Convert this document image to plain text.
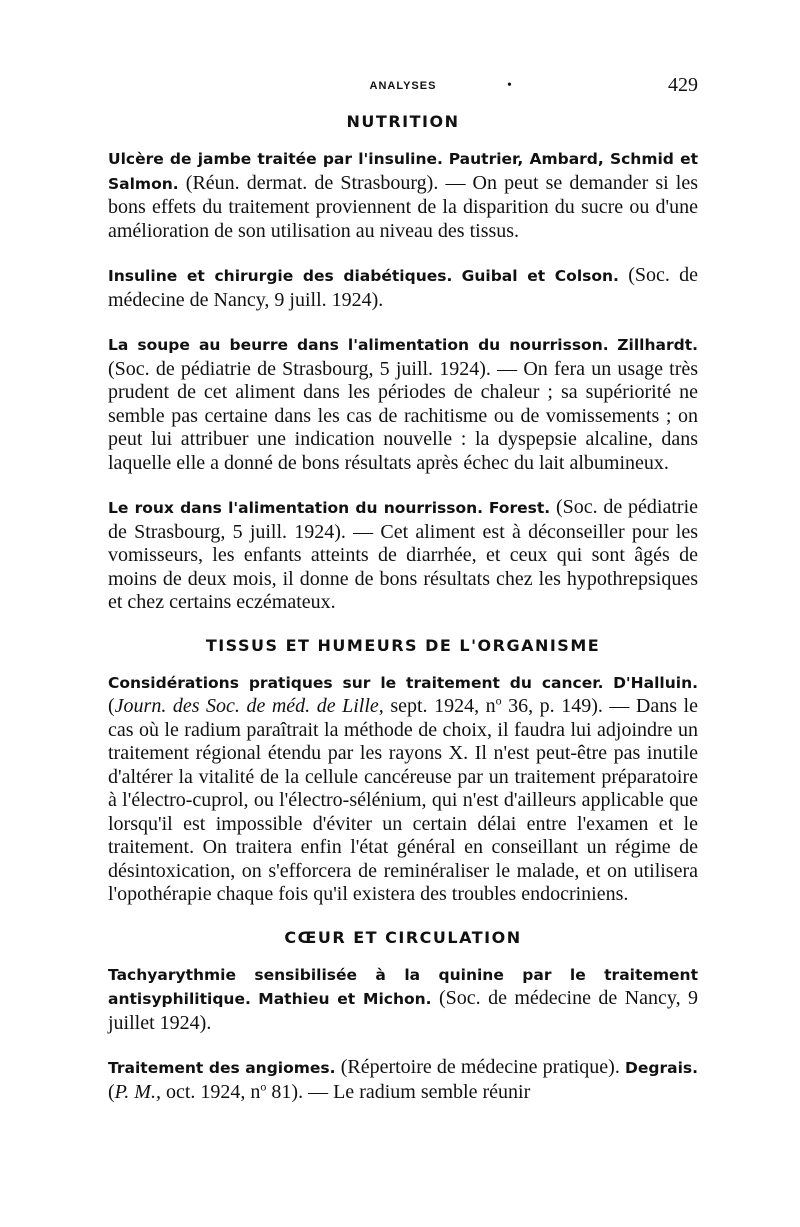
ANALYSES	•	429
NUTRITION

Ulcère de jambe traitée par l'insuline. Pautrier, Ambard, Schmid et Salmon. (Réun. dermat. de Strasbourg). — On peut se demander si les bons effets du traitement proviennent de la disparition du sucre ou d'une amélioration de son utilisation au niveau des tissus.

Insuline et chirurgie des diabétiques. Guibal et Colson. (Soc. de médecine de Nancy, 9 juill. 1924).

La soupe au beurre dans l'alimentation du nourrisson. Zillhardt. (Soc. de pédiatrie de Strasbourg, 5 juill. 1924). — On fera un usage très prudent de cet aliment dans les périodes de chaleur ; sa supériorité ne semble pas certaine dans les cas de rachitisme ou de vomissements ; on peut lui attribuer une indication nouvelle : la dyspepsie alcaline, dans laquelle elle a donné de bons résultats après échec du lait albumineux.

Le roux dans l'alimentation du nourrisson. Forest. (Soc. de pédiatrie de Strasbourg, 5 juill. 1924). — Cet aliment est à déconseiller pour les vomisseurs, les enfants atteints de diarrhée, et ceux qui sont âgés de moins de deux mois, il donne de bons résultats chez les hypothrepsiques et chez certains eczémateux.

TISSUS ET HUMEURS DE L'ORGANISME

Considérations pratiques sur le traitement du cancer. D'Halluin. (Journ. des Soc. de méd. de Lille, sept. 1924, $n^o$ 36, p. 149). — Dans le cas où le radium paraîtrait la méthode de choix, il faudra lui adjoindre un traitement régional étendu par les rayons X. Il n'est peut-être pas inutile d'altérer la vitalité de la cellule cancéreuse par un traitement préparatoire à l'électro-cuprol, ou l'électro-sélénium, qui n'est d'ailleurs applicable que lorsqu'il est impossible d'éviter un certain délai entre l'examen et le traitement. On traitera enfin l'état général en conseillant un régime de désintoxication, on s'efforcera de reminéraliser le malade, et on utilisera l'opothérapie chaque fois qu'il existera des troubles endocriniens.

CŒUR ET CIRCULATION

Tachyarythmie sensibilisée à la quinine par le traitement antisyphilitique. Mathieu et Michon. (Soc. de médecine de Nancy, 9 juillet 1924).

Traitement des angiomes. (Répertoire de médecine pratique). Degrais. (P. M., oct. 1924, $n^o$ 81). — Le radium semble réunir
